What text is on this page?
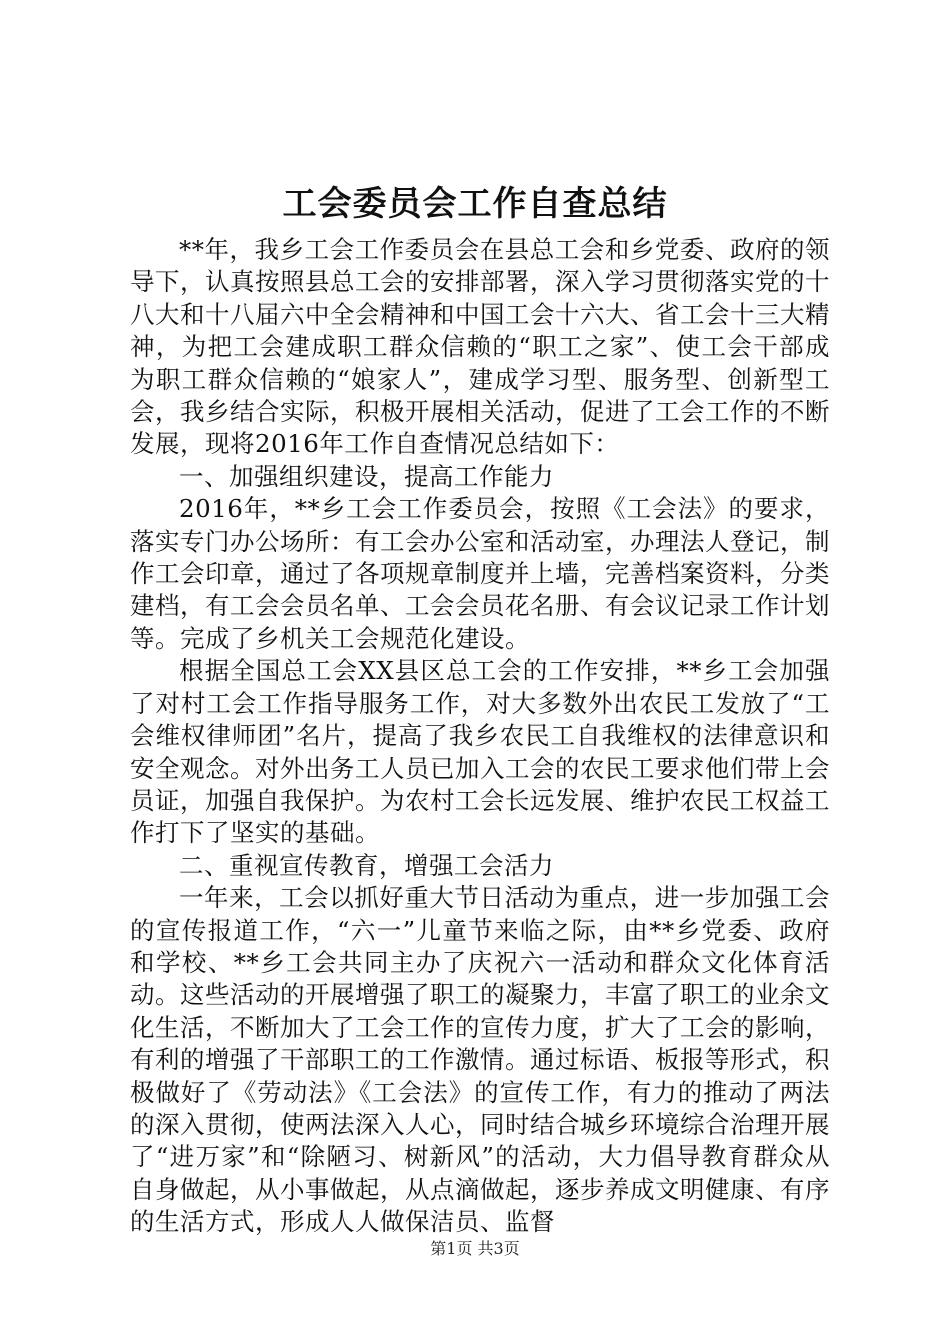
工会委员会工作自查总结

**年，我乡工会工作委员会在县总工会和乡党委、政府的领导下，认真按照县总工会的安排部署，深入学习贯彻落实党的十八大和十八届六中全会精神和中国工会十六大、省工会十三大精神，为把工会建成职工群众信赖的“职工之家”、使工会干部成为职工群众信赖的“娘家人”，建成学习型、服务型、创新型工会，我乡结合实际，积极开展相关活动，促进了工会工作的不断发展，现将2016年工作自查情况总结如下：

一、加强组织建设，提高工作能力

2016年，**乡工会工作委员会，按照《工会法》的要求，落实专门办公场所：有工会办公室和活动室，办理法人登记，制作工会印章，通过了各项规章制度并上墙，完善档案资料，分类建档，有工会会员名单、工会会员花名册、有会议记录工作计划等。完成了乡机关工会规范化建设。

根据全国总工会XX县区总工会的工作安排，**乡工会加强了对村工会工作指导服务工作，对大多数外出农民工发放了“工会维权律师团”名片，提高了我乡农民工自我维权的法律意识和安全观念。对外出务工人员已加入工会的农民工要求他们带上会员证，加强自我保护。为农村工会长远发展、维护农民工权益工作打下了坚实的基础。

二、重视宣传教育，增强工会活力

一年来，工会以抓好重大节日活动为重点，进一步加强工会的宣传报道工作，“六一”儿童节来临之际，由**乡党委、政府和学校、**乡工会共同主办了庆祝六一活动和群众文化体育活动。这些活动的开展增强了职工的凝聚力，丰富了职工的业余文化生活，不断加大了工会工作的宣传力度，扩大了工会的影响，有利的增强了干部职工的工作激情。通过标语、板报等形式，积极做好了《劳动法》《工会法》的宣传工作，有力的推动了两法的深入贯彻，使两法深入人心，同时结合城乡环境综合治理开展了“进万家”和“除陋习、树新风”的活动，大力倡导教育群众从自身做起，从小事做起，从点滴做起，逐步养成文明健康、有序的生活方式，形成人人做保洁员、监督

第1页 共3页
